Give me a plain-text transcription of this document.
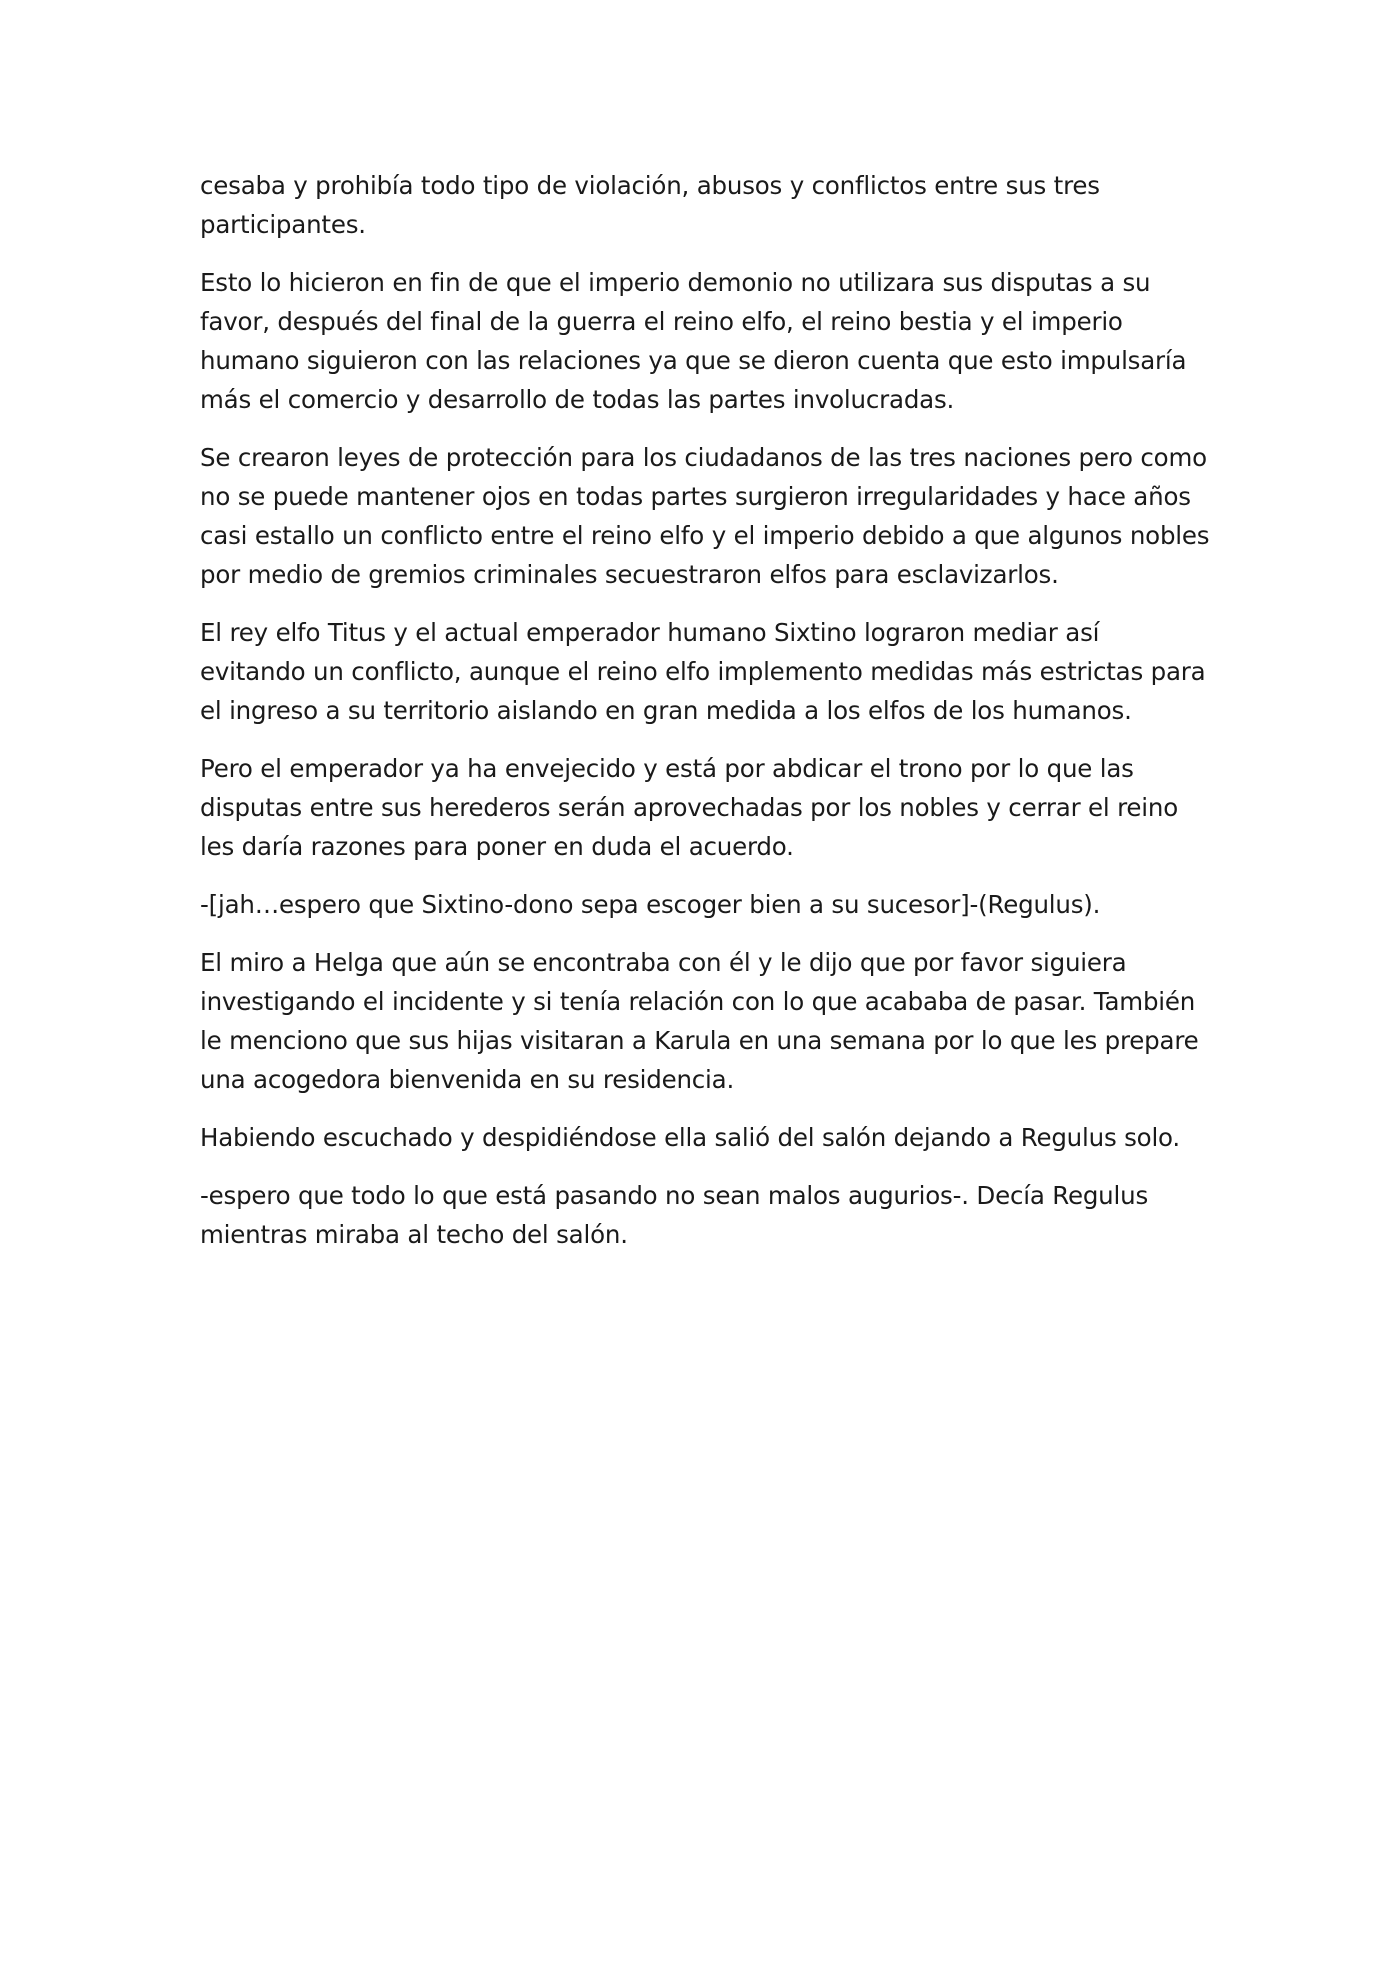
cesaba y prohibía todo tipo de violación, abusos y conflictos entre sus tres participantes.

Esto lo hicieron en fin de que el imperio demonio no utilizara sus disputas a su favor, después del final de la guerra el reino elfo, el reino bestia y el imperio humano siguieron con las relaciones ya que se dieron cuenta que esto impulsaría más el comercio y desarrollo de todas las partes involucradas.

Se crearon leyes de protección para los ciudadanos de las tres naciones pero como no se puede mantener ojos en todas partes surgieron irregularidades y hace años casi estallo un conflicto entre el reino elfo y el imperio debido a que algunos nobles por medio de gremios criminales secuestraron elfos para esclavizarlos.

El rey elfo Titus y el actual emperador humano Sixtino lograron mediar así evitando un conflicto, aunque el reino elfo implemento medidas más estrictas para el ingreso a su territorio aislando en gran medida a los elfos de los humanos.

Pero el emperador ya ha envejecido y está por abdicar el trono por lo que las disputas entre sus herederos serán aprovechadas por los nobles y cerrar el reino les daría razones para poner en duda el acuerdo.

-[jah…espero que Sixtino-dono sepa escoger bien a su sucesor]-(Regulus).

El miro a Helga que aún se encontraba con él y le dijo que por favor siguiera investigando el incidente y si tenía relación con lo que acababa de pasar. También le menciono que sus hijas visitaran a Karula en una semana por lo que les prepare una acogedora bienvenida en su residencia.

Habiendo escuchado y despidiéndose ella salió del salón dejando a Regulus solo.

-espero que todo lo que está pasando no sean malos augurios-. Decía Regulus mientras miraba al techo del salón.
